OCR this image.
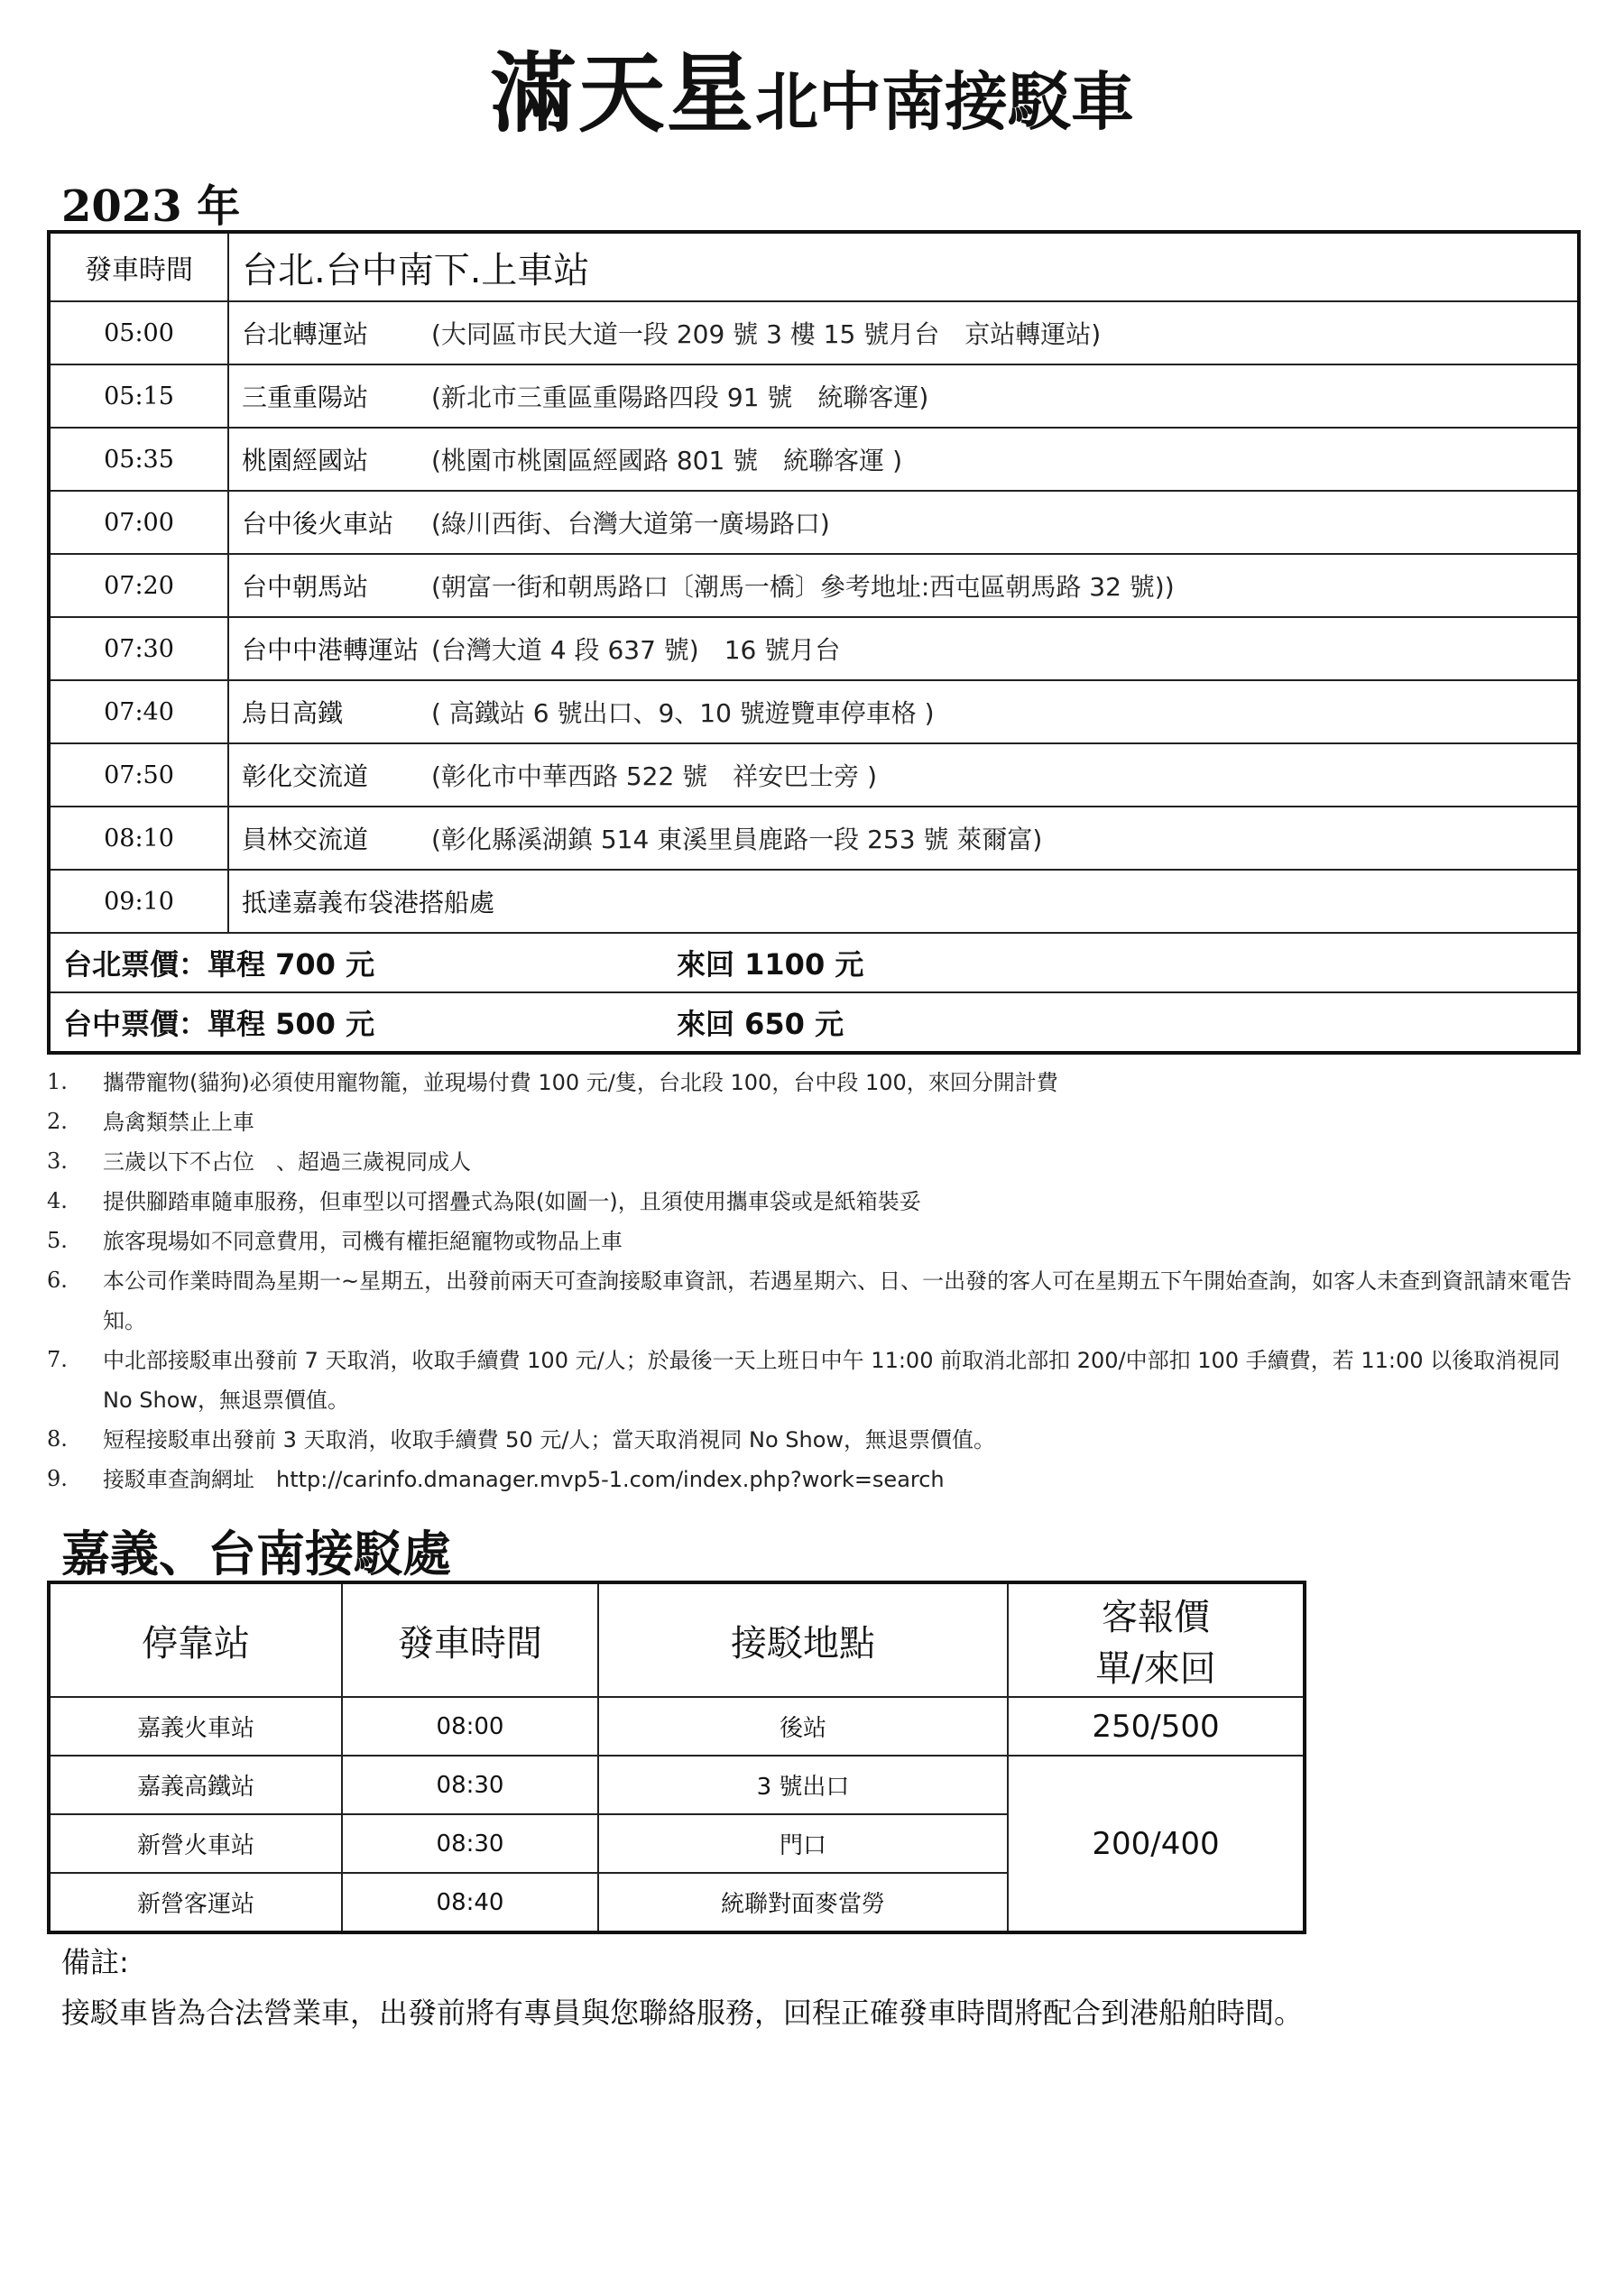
滿天星北中南接駁車
2023 年
發車時間	台北.台中南下.上車站
05:00	台北轉運站 (大同區市民大道一段 209 號 3 樓 15 號月台　京站轉運站)
05:15	三重重陽站 (新北市三重區重陽路四段 91 號　統聯客運)
05:35	桃園經國站 (桃園市桃園區經國路 801 號　統聯客運 )
07:00	台中後火車站 (綠川西街、台灣大道第一廣場路口)
07:20	台中朝馬站 (朝富一街和朝馬路口〔潮馬一橋〕參考地址:西屯區朝馬路 32 號))
07:30	台中中港轉運站 (台灣大道 4 段 637 號)　16 號月台
07:40	烏日高鐵 ( 高鐵站 6 號出口、9、10 號遊覽車停車格 )
07:50	彰化交流道 (彰化市中華西路 522 號　祥安巴士旁 )
08:10	員林交流道 (彰化縣溪湖鎮 514 東溪里員鹿路一段 253 號 萊爾富)
09:10	抵達嘉義布袋港搭船處
台北票價：單程 700 元 來回 1100 元	
台中票價：單程 500 元 來回 650 元	
1.	攜帶寵物(貓狗)必須使用寵物籠，並現場付費 100 元/隻，台北段 100，台中段 100，來回分開計費
2.	鳥禽類禁止上車
3.	三歲以下不占位　、超過三歲視同成人
4.	提供腳踏車隨車服務，但車型以可摺疊式為限(如圖一)，且須使用攜車袋或是紙箱裝妥
5.	旅客現場如不同意費用，司機有權拒絕寵物或物品上車
6.	本公司作業時間為星期一~星期五，出發前兩天可查詢接駁車資訊，若遇星期六、日、一出發的客人可在星期五下午開始查詢，如客人未查到資訊請來電告知。
7.	中北部接駁車出發前 7 天取消，收取手續費 100 元/人；於最後一天上班日中午 11:00 前取消北部扣 200/中部扣 100 手續費，若 11:00 以後取消視同 No Show，無退票價值。
8.	短程接駁車出發前 3 天取消，收取手續費 50 元/人；當天取消視同 No Show，無退票價值。
9.	接駁車查詢網址　http://carinfo.dmanager.mvp5-1.com/index.php?work=search
嘉義、台南接駁處
停靠站	發車時間	接駁地點	客報價
單/來回

嘉義火車站	08:00	後站	250/500
嘉義高鐵站	08:30	3 號出口	200/400
新營火車站	08:30	門口	
新營客運站	08:40	統聯對面麥當勞	
備註:
接駁車皆為合法營業車，出發前將有專員與您聯絡服務，回程正確發車時間將配合到港船舶時間。
